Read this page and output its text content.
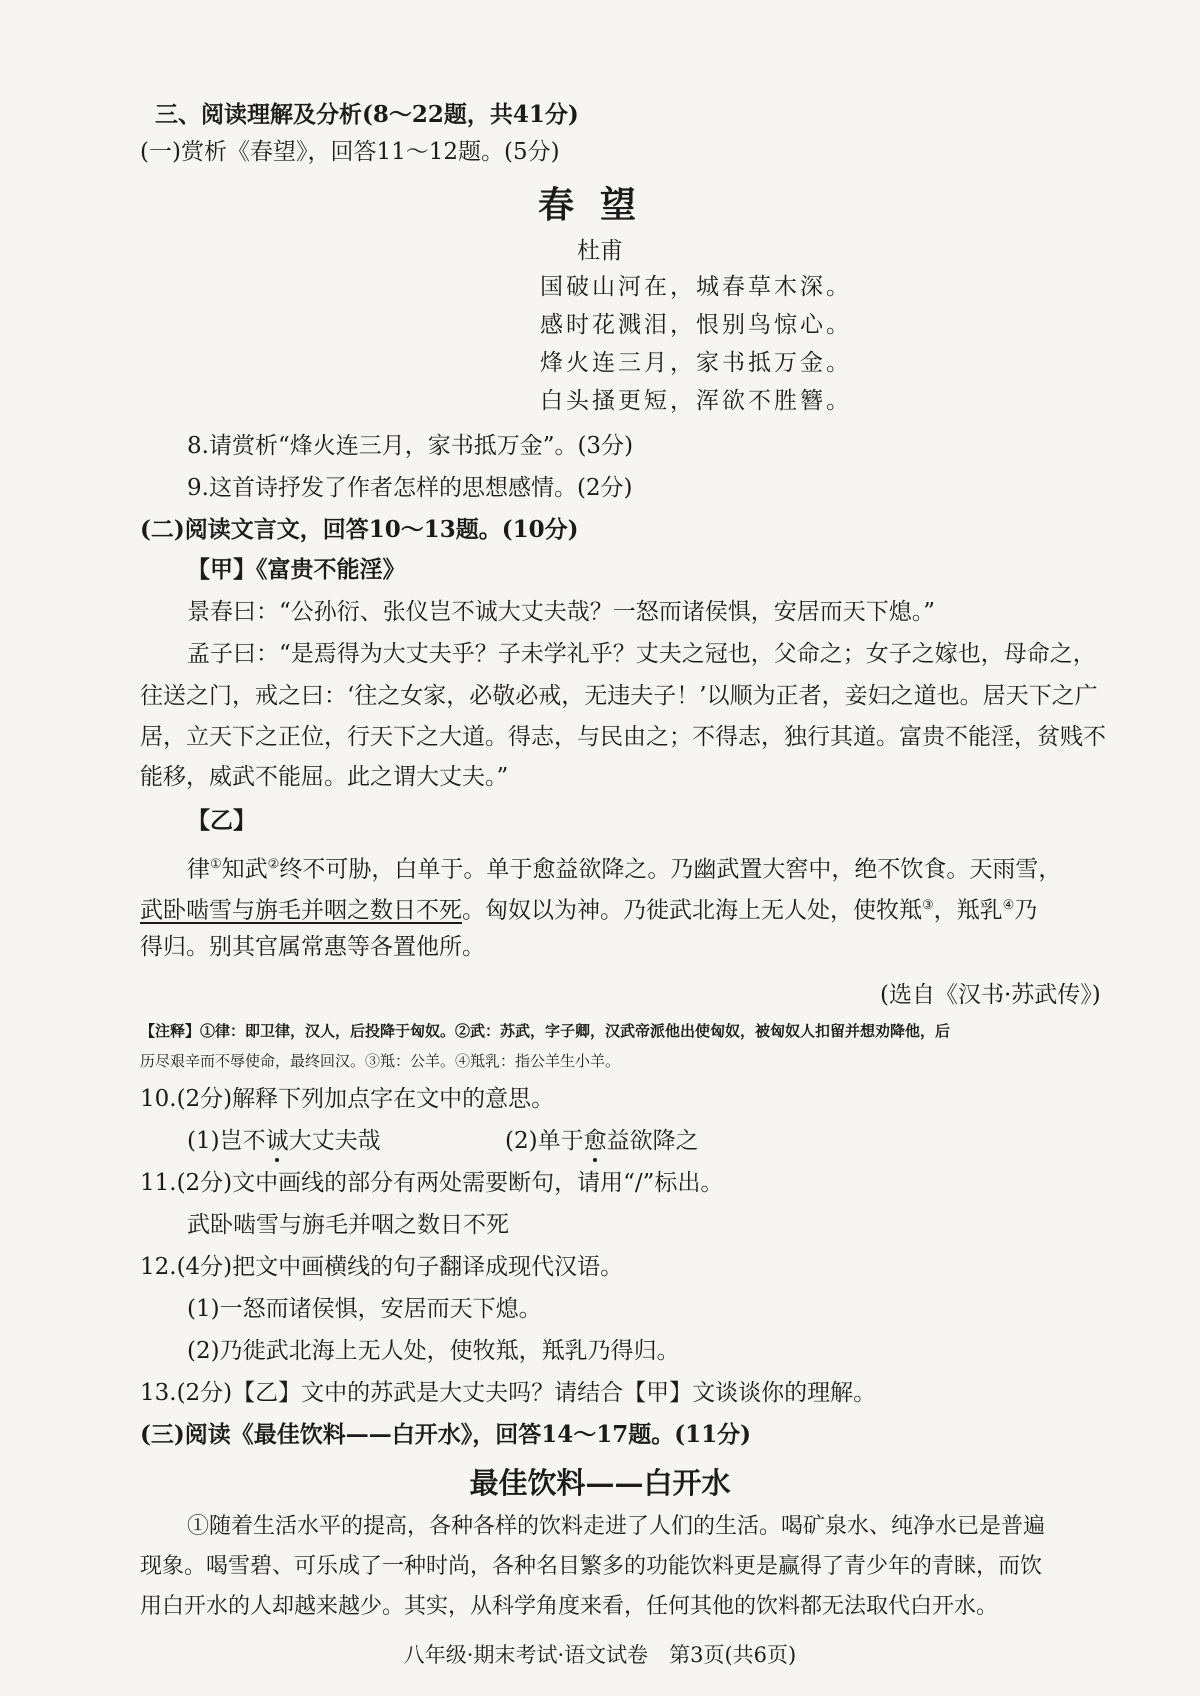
三、阅读理解及分析(8～22题，共41分)
(一)赏析《春望》，回答11～12题。(5分)
春望
杜甫
国破山河在，城春草木深。
感时花溅泪，恨别鸟惊心。
烽火连三月，家书抵万金。
白头搔更短，浑欲不胜簪。
8.请赏析“烽火连三月，家书抵万金”。(3分)
9.这首诗抒发了作者怎样的思想感情。(2分)
(二)阅读文言文，回答10～13题。(10分)
【甲】《富贵不能淫》
景春曰：“公孙衍、张仪岂不诚大丈夫哉？一怒而诸侯惧，安居而天下熄。”
孟子曰：“是焉得为大丈夫乎？子未学礼乎？丈夫之冠也，父命之；女子之嫁也，母命之，
往送之门，戒之曰：‘往之女家，必敬必戒，无违夫子！’以顺为正者，妾妇之道也。居天下之广
居，立天下之正位，行天下之大道。得志，与民由之；不得志，独行其道。富贵不能淫，贫贱不
能移，威武不能屈。此之谓大丈夫。”
【乙】
律①知武②终不可胁，白单于。单于愈益欲降之。乃幽武置大窖中，绝不饮食。天雨雪，
武卧啮雪与旃毛并咽之数日不死。匈奴以为神。乃徙武北海上无人处，使牧羝③，羝乳④乃
得归。别其官属常惠等各置他所。
(选自《汉书·苏武传》)
【注释】①律：即卫律，汉人，后投降于匈奴。②武：苏武，字子卿，汉武帝派他出使匈奴，被匈奴人扣留并想劝降他，后
历尽艰辛而不辱使命，最终回汉。③羝：公羊。④羝乳：指公羊生小羊。
10.(2分)解释下列加点字在文中的意思。
(1)岂不诚大丈夫哉	(2)单于愈益欲降之
11.(2分)文中画线的部分有两处需要断句，请用“/”标出。
武卧啮雪与旃毛并咽之数日不死
12.(4分)把文中画横线的句子翻译成现代汉语。
(1)一怒而诸侯惧，安居而天下熄。
(2)乃徙武北海上无人处，使牧羝，羝乳乃得归。
13.(2分)【乙】文中的苏武是大丈夫吗？请结合【甲】文谈谈你的理解。
(三)阅读《最佳饮料——白开水》，回答14～17题。(11分)
最佳饮料——白开水
①随着生活水平的提高，各种各样的饮料走进了人们的生活。喝矿泉水、纯净水已是普遍
现象。喝雪碧、可乐成了一种时尚，各种名目繁多的功能饮料更是赢得了青少年的青睐，而饮
用白开水的人却越来越少。其实，从科学角度来看，任何其他的饮料都无法取代白开水。
八年级·期末考试·语文试卷　第3页(共6页)
